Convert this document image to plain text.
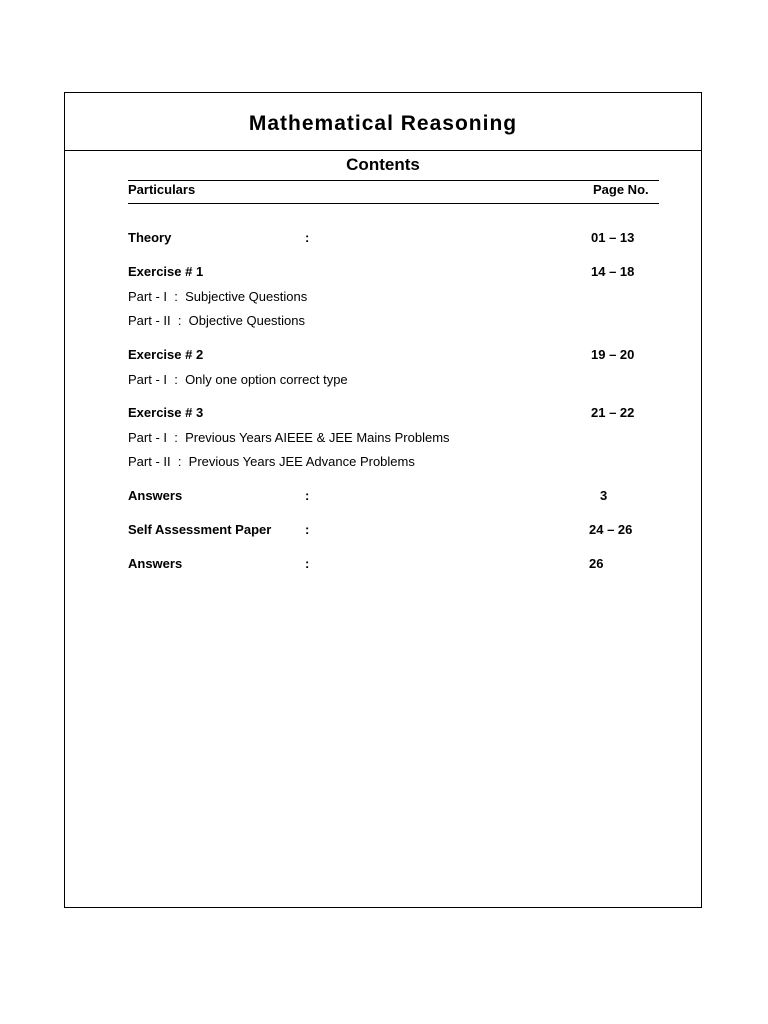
Mathematical Reasoning
Contents
Particulars	Page No.
Theory	:	01 – 13
Exercise # 1	14 – 18
Part - I  :  Subjective Questions
Part - II  :  Objective Questions
Exercise # 2	19 – 20
Part - I  :  Only one option correct type
Exercise # 3	21 – 22
Part - I  :  Previous Years AIEEE & JEE Mains Problems
Part - II  :  Previous Years JEE Advance Problems
Answers	:	3
Self Assessment Paper	:	24 – 26
Answers	:	26
